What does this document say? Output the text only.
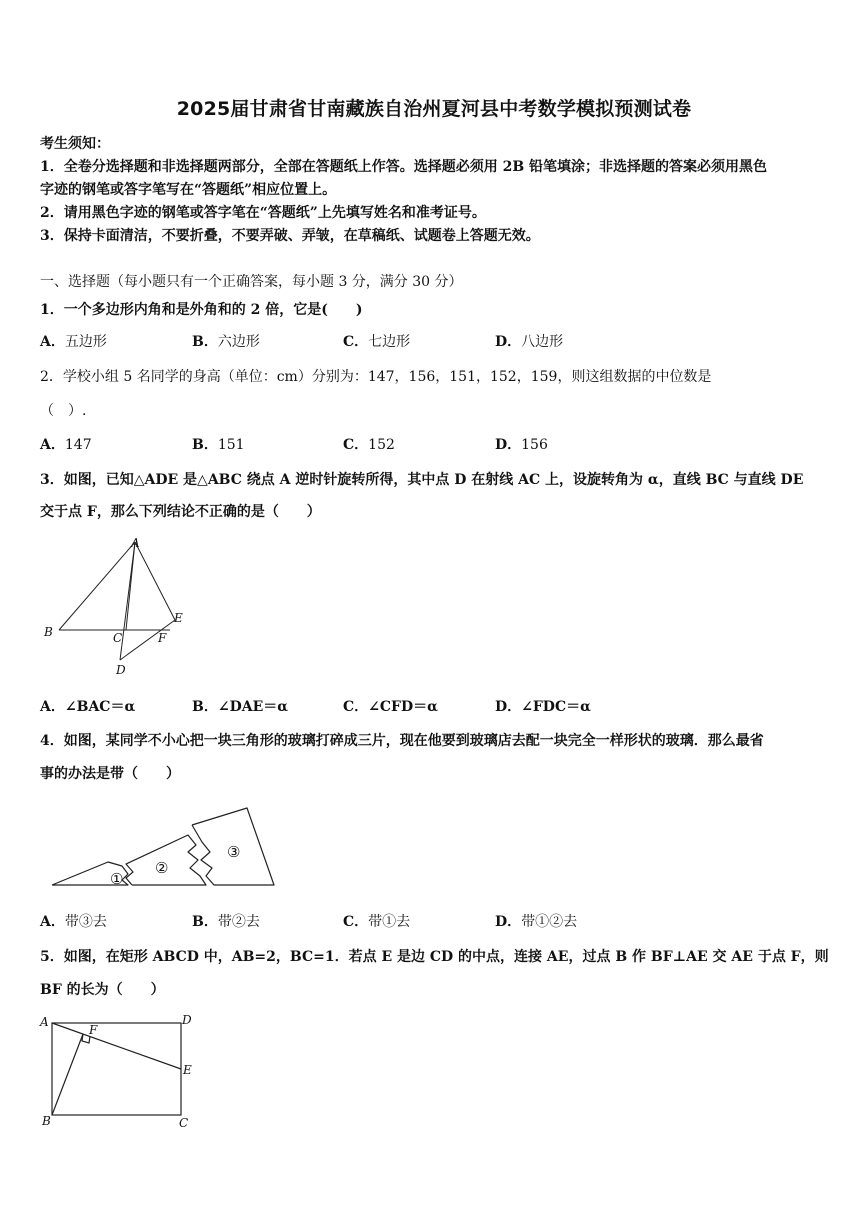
2025届甘肃省甘南藏族自治州夏河县中考数学模拟预测试卷
考生须知：
1．全卷分选择题和非选择题两部分，全部在答题纸上作答。选择题必须用 2B 铅笔填涂；非选择题的答案必须用黑色
字迹的钢笔或答字笔写在“答题纸”相应位置上。
2．请用黑色字迹的钢笔或答字笔在“答题纸”上先填写姓名和准考证号。
3．保持卡面清洁，不要折叠，不要弄破、弄皱，在草稿纸、试题卷上答题无效。
一、选择题（每小题只有一个正确答案，每小题 3 分，满分 30 分）
1．一个多边形内角和是外角和的 2 倍，它是(　　)
A．五边形	B．六边形	C．七边形	D．八边形
2．学校小组 5 名同学的身高（单位：cm）分别为：147，156，151，152，159，则这组数据的中位数是
（　）.
A．147	B．151	C．152	D．156
3．如图，已知△ADE 是△ABC 绕点 A 逆时针旋转所得，其中点 D 在射线 AC 上，设旋转角为 α，直线 BC 与直线 DE
交于点 F，那么下列结论不正确的是（　　）
A
B	C
D
E
F
A．∠BAC＝α	B．∠DAE＝α	C．∠CFD＝α	D．∠FDC＝α
4．如图，某同学不小心把一块三角形的玻璃打碎成三片，现在他要到玻璃店去配一块完全一样形状的玻璃．那么最省
事的办法是带（　　）
①
②
③
A．带③去	B．带②去	C．带①去	D．带①②去
5．如图，在矩形 ABCD 中，AB=2，BC=1．若点 E 是边 CD 的中点，连接 AE，过点 B 作 BF⊥AE 交 AE 于点 F，则
BF 的长为（　　）
A	D
F
E
B	C
